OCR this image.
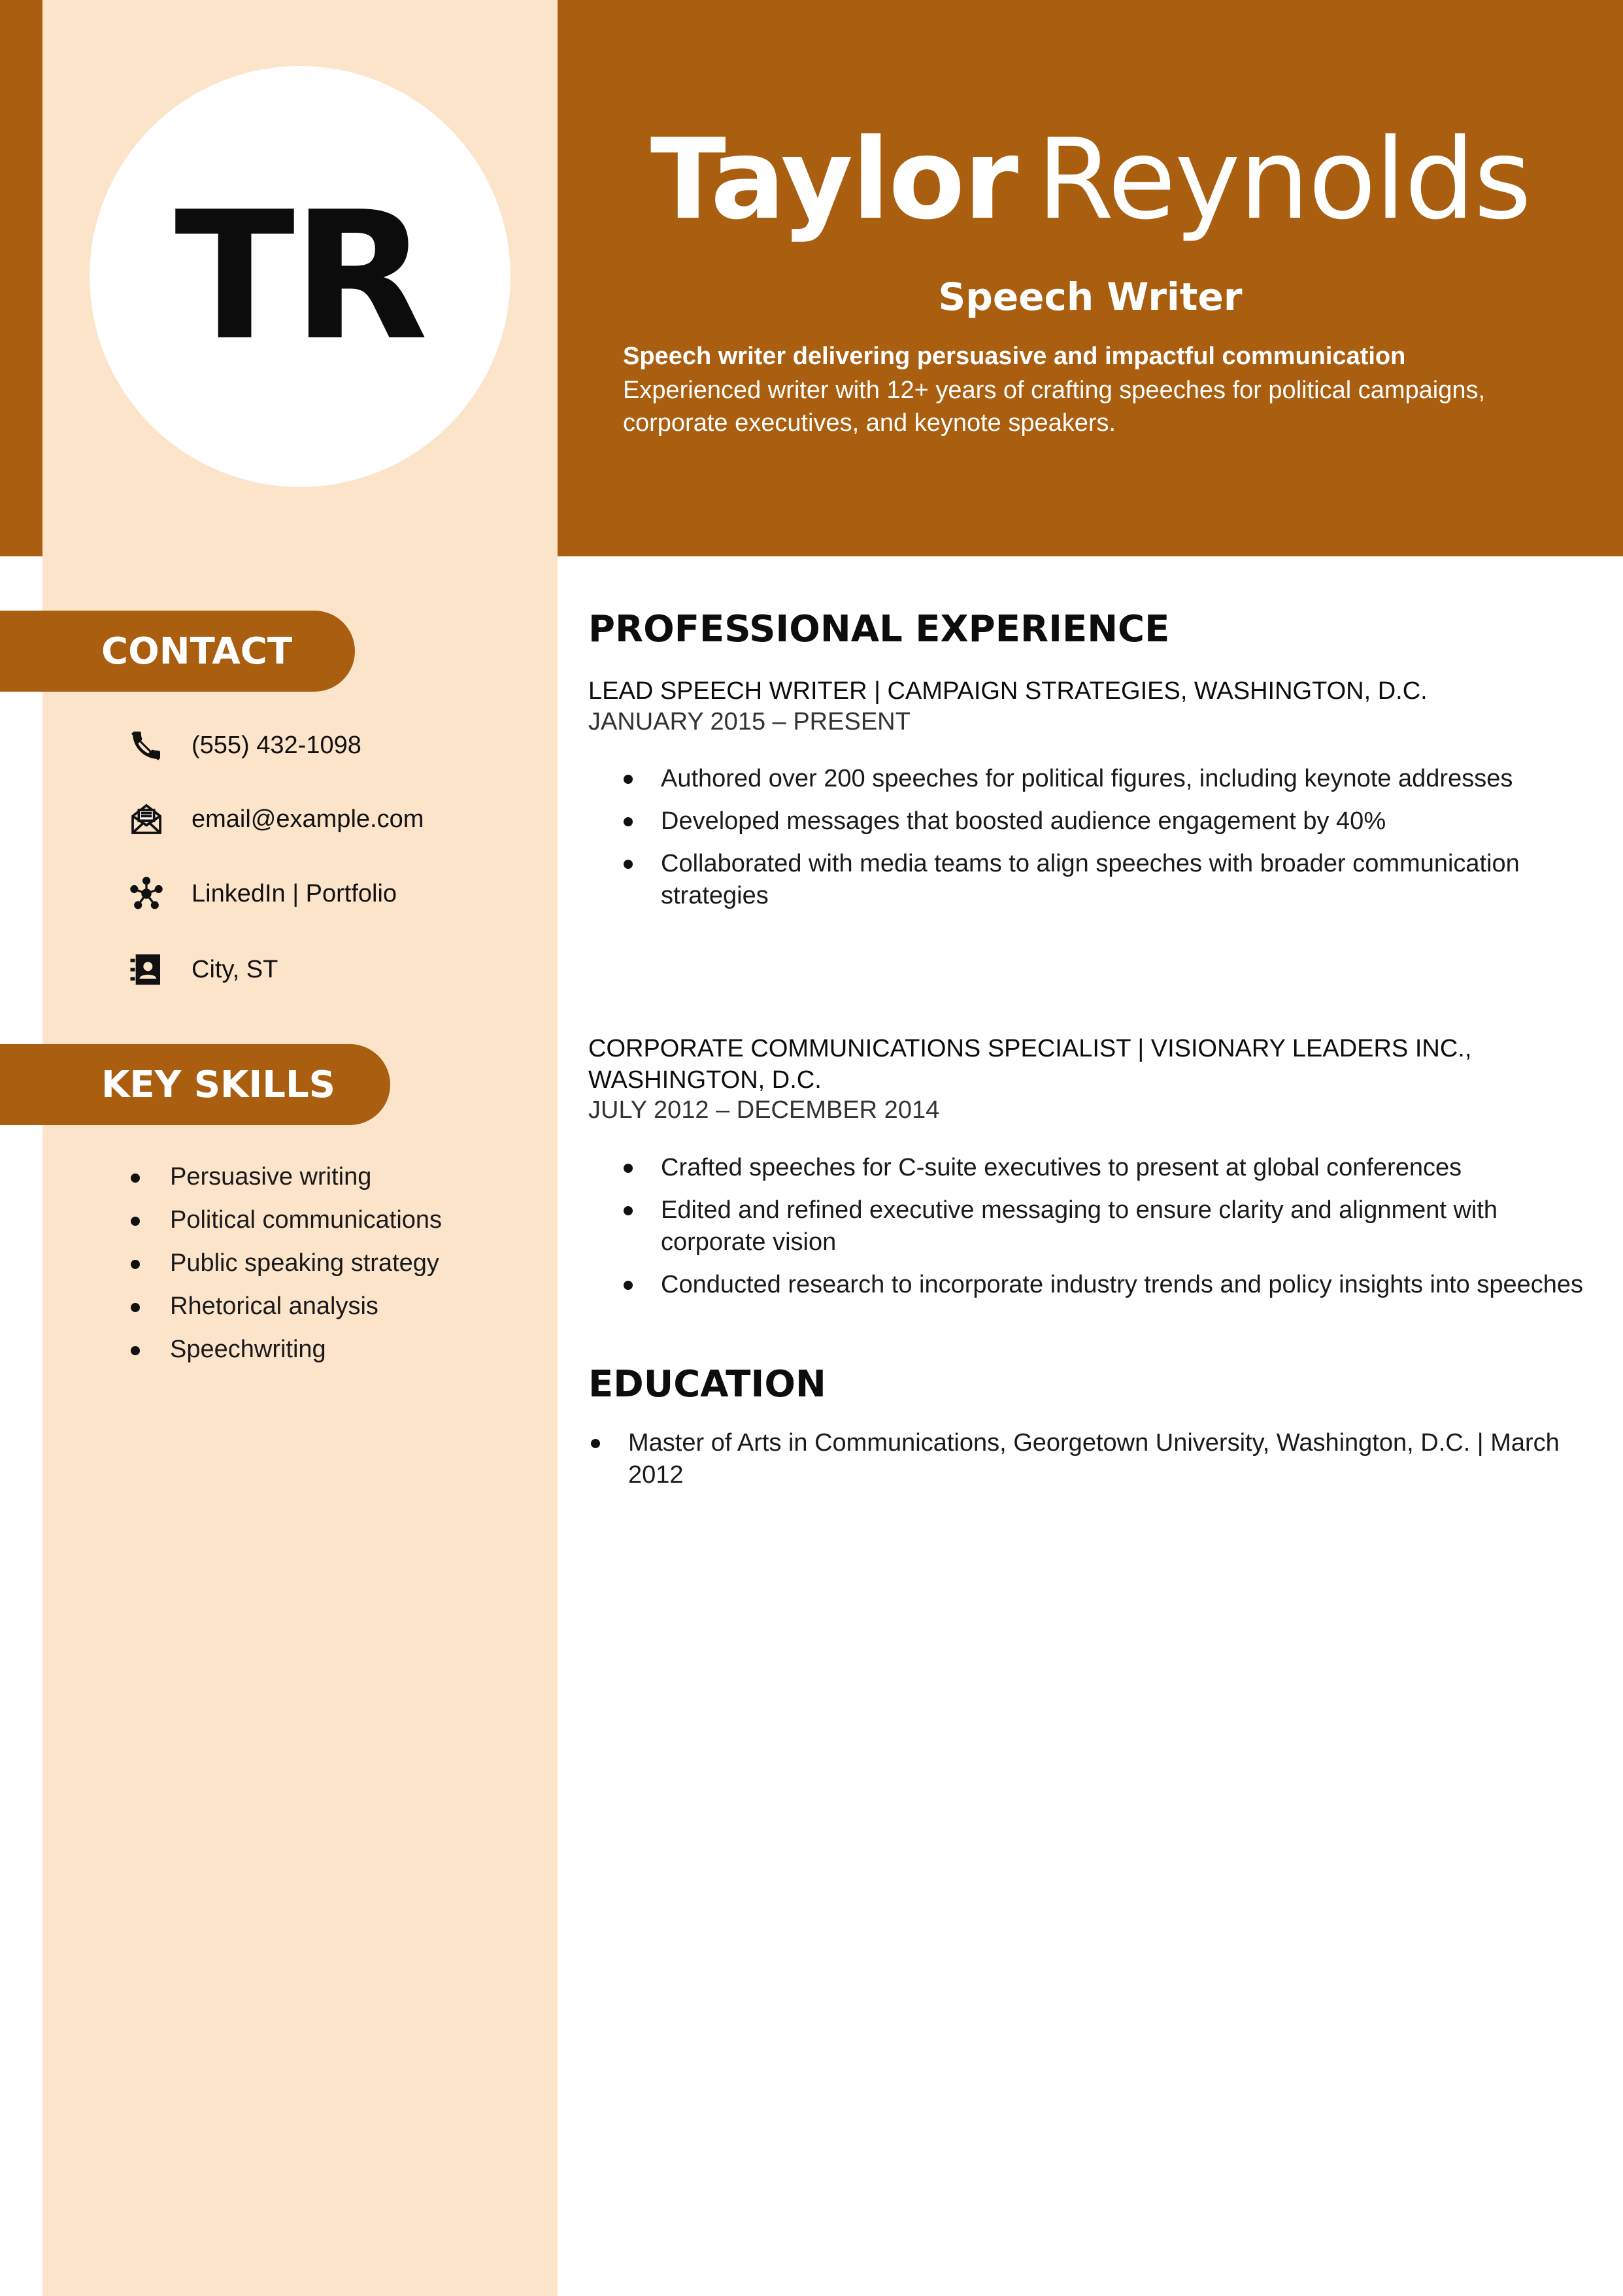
TR	Taylor Reynolds
Speech Writer
Speech writer delivering persuasive and impactful communication
Experienced writer with 12+ years of crafting speeches for political campaigns, corporate executives, and keynote speakers.
CONTACT
(555) 432-1098
email@example.com
LinkedIn | Portfolio
City, ST
KEY SKILLS
Persuasive writing
Political communications
Public speaking strategy
Rhetorical analysis
Speechwriting
PROFESSIONAL EXPERIENCE
LEAD SPEECH WRITER | CAMPAIGN STRATEGIES, WASHINGTON, D.C.
JANUARY 2015 – PRESENT
Authored over 200 speeches for political figures, including keynote addresses
Developed messages that boosted audience engagement by 40%
Collaborated with media teams to align speeches with broader communication strategies
CORPORATE COMMUNICATIONS SPECIALIST | VISIONARY LEADERS INC., WASHINGTON, D.C.
JULY 2012 – DECEMBER 2014
Crafted speeches for C-suite executives to present at global conferences
Edited and refined executive messaging to ensure clarity and alignment with corporate vision
Conducted research to incorporate industry trends and policy insights into speeches
EDUCATION
Master of Arts in Communications, Georgetown University, Washington, D.C. | March 2012
